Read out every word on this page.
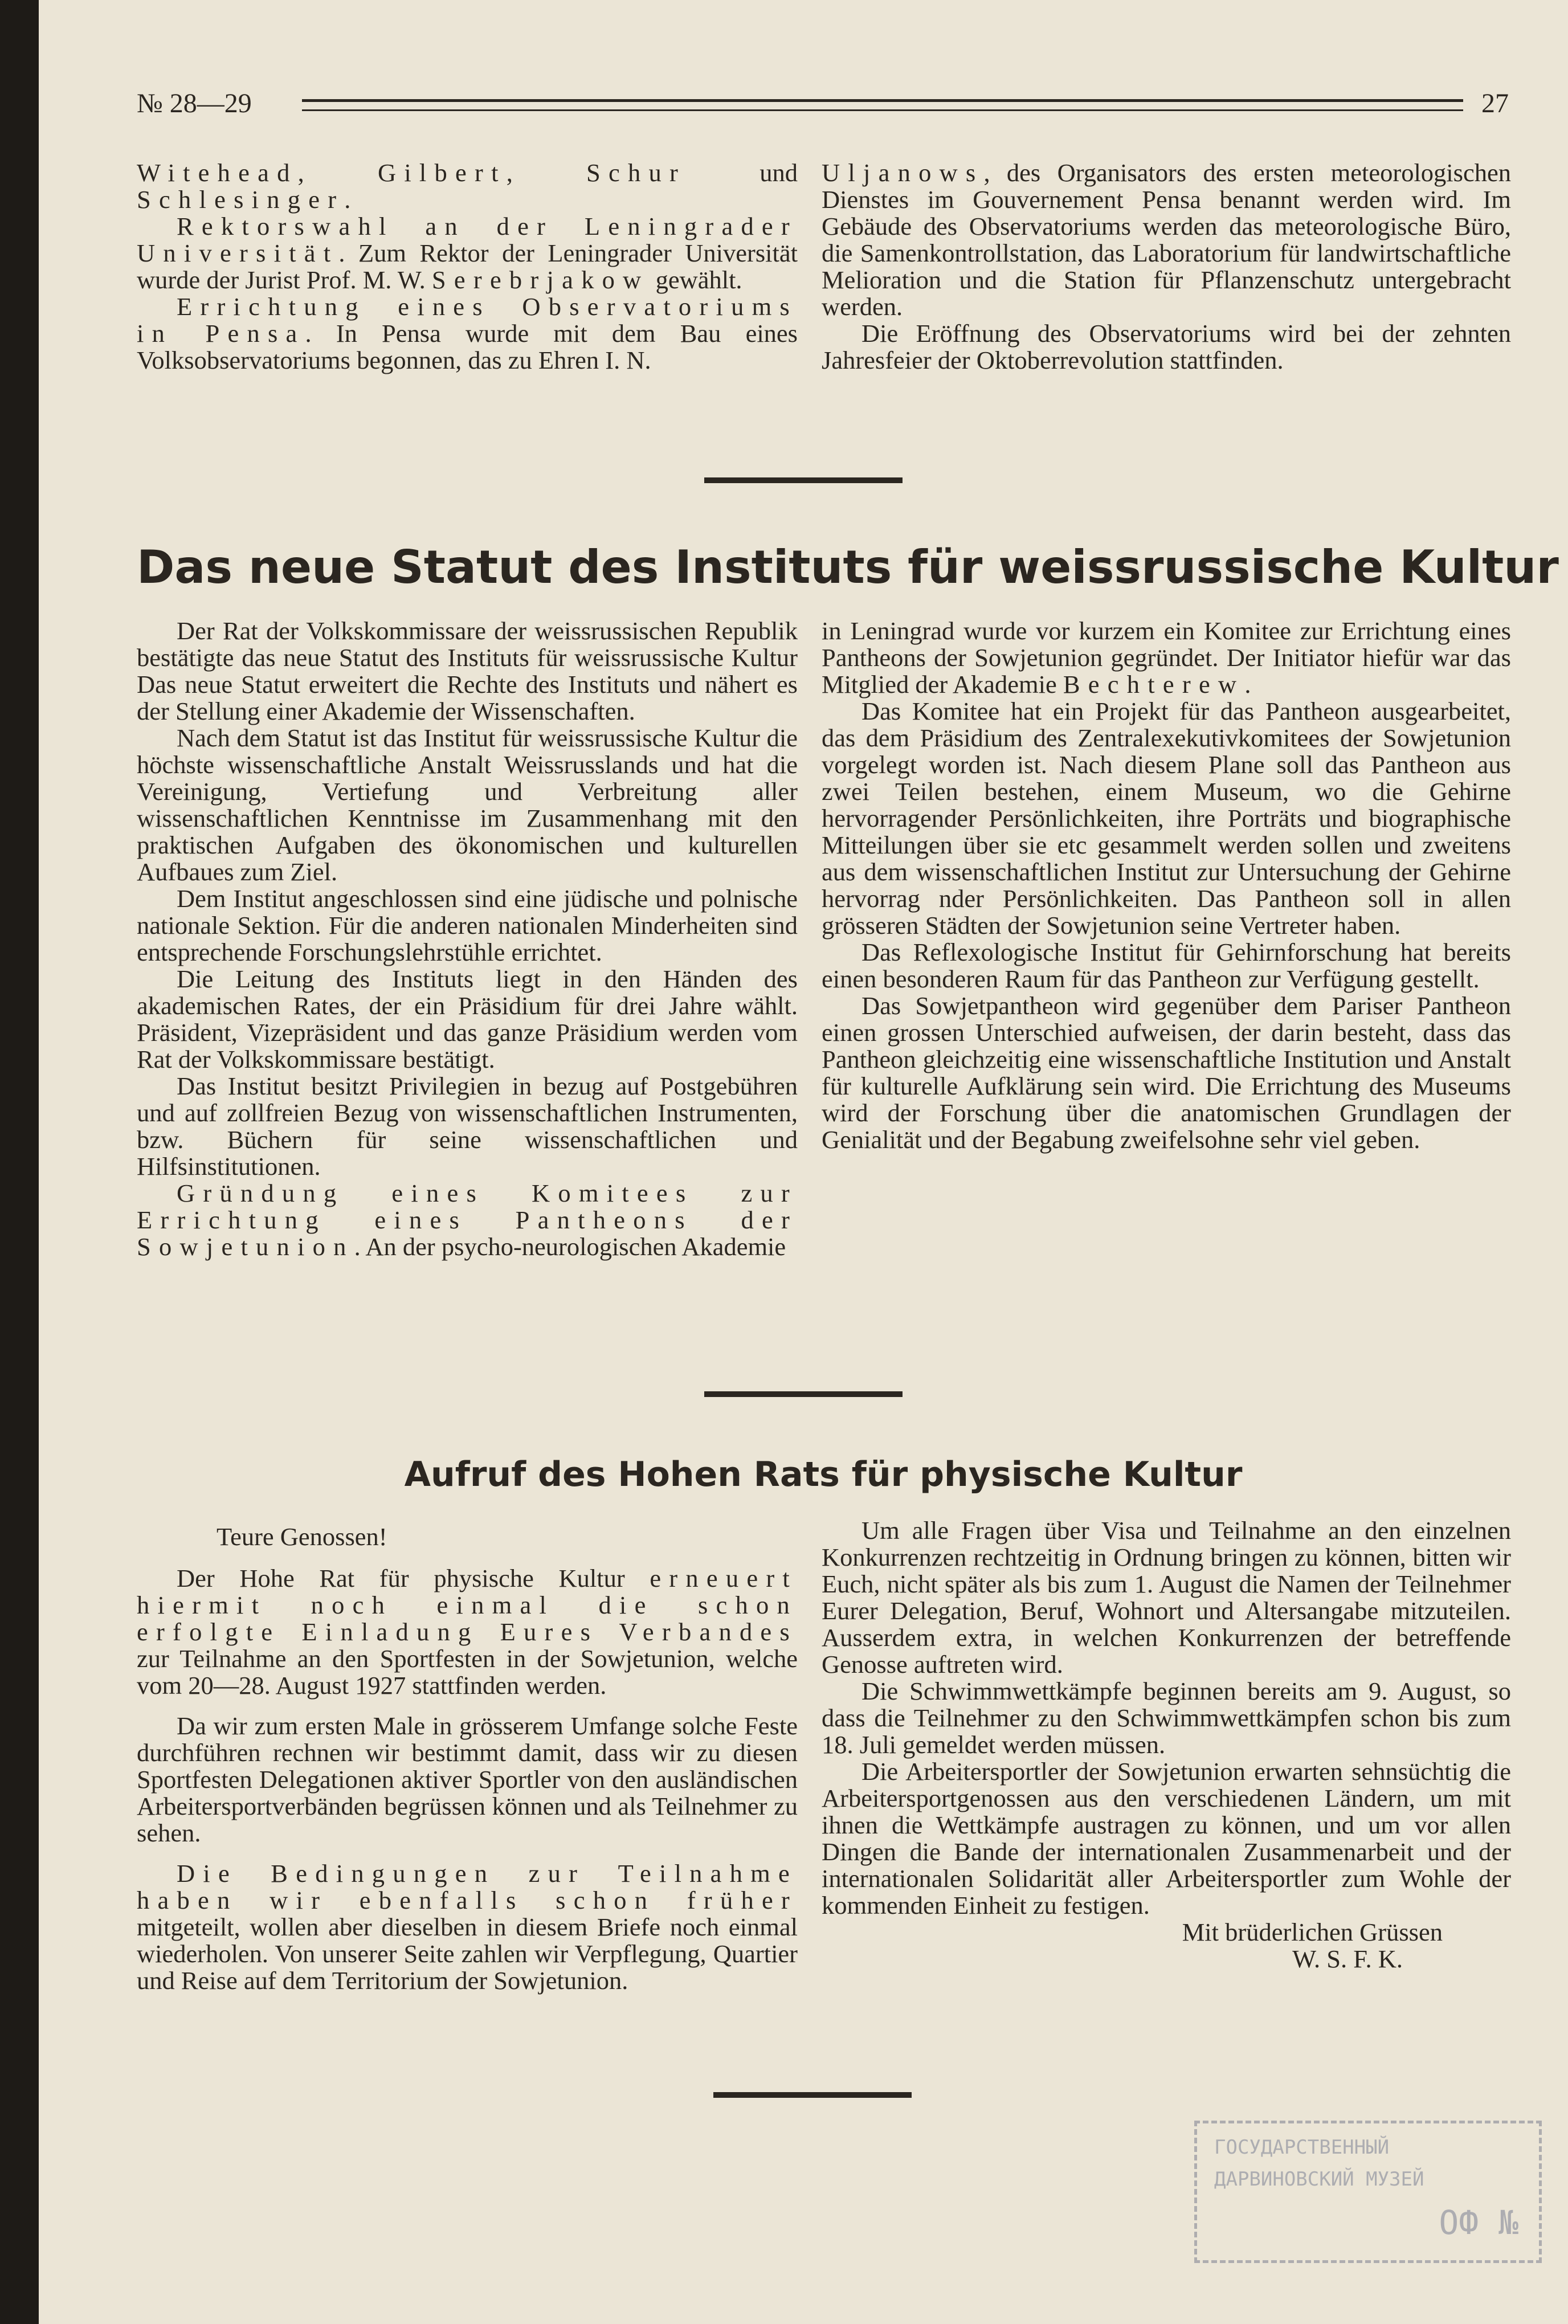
№ 28—29	27

Witehead, Gilbert, Schur und Schlesinger.

Rektorswahl an der Leningrader Universität. Zum Rektor der Leningrader Universität wurde der Jurist Prof. M. W. Serebrjakow gewählt.

Errichtung eines Observatoriums in Pensa. In Pensa wurde mit dem Bau eines Volksobservatoriums begonnen, das zu Ehren I. N.

Uljanows, des Organisators des ersten meteorologischen Dienstes im Gouvernement Pensa benannt werden wird. Im Gebäude des Observatoriums werden das meteorologische Büro, die Samenkontrollstation, das Laboratorium für landwirtschaftliche Melioration und die Station für Pflanzenschutz untergebracht werden.

Die Eröffnung des Observatoriums wird bei der zehnten Jahresfeier der Oktoberrevolution stattfinden.

Das neue Statut des Instituts für weissrussische Kultur

Der Rat der Volkskommissare der weissrussischen Republik bestätigte das neue Statut des Instituts für weissrussische Kultur Das neue Statut erweitert die Rechte des Instituts und nähert es der Stellung einer Akademie der Wissenschaften.

Nach dem Statut ist das Institut für weissrussische Kultur die höchste wissenschaftliche Anstalt Weissrusslands und hat die Vereinigung, Vertiefung und Verbreitung aller wissenschaftlichen Kenntnisse im Zusammenhang mit den praktischen Aufgaben des ökonomischen und kulturellen Aufbaues zum Ziel.

Dem Institut angeschlossen sind eine jüdische und polnische nationale Sektion. Für die anderen nationalen Minderheiten sind entsprechende Forschungslehrstühle errichtet.

Die Leitung des Instituts liegt in den Händen des akademischen Rates, der ein Präsidium für drei Jahre wählt. Präsident, Vizepräsident und das ganze Präsidium werden vom Rat der Volkskommissare bestätigt.

Das Institut besitzt Privilegien in bezug auf Postgebühren und auf zollfreien Bezug von wissenschaftlichen Instrumenten, bzw. Büchern für seine wissenschaftlichen und Hilfsinstitutionen.

Gründung eines Komitees zur Errichtung eines Pantheons der Sowjetunion. An der psycho-neurologischen Akademie

in Leningrad wurde vor kurzem ein Komitee zur Errichtung eines Pantheons der Sowjetunion gegründet. Der Initiator hiefür war das Mitglied der Akademie Bechterew.

Das Komitee hat ein Projekt für das Pantheon ausgearbeitet, das dem Präsidium des Zentralexekutivkomitees der Sowjetunion vorgelegt worden ist. Nach diesem Plane soll das Pantheon aus zwei Teilen bestehen, einem Museum, wo die Gehirne hervorragender Persönlichkeiten, ihre Porträts und biographische Mitteilungen über sie etc gesammelt werden sollen und zweitens aus dem wissenschaftlichen Institut zur Untersuchung der Gehirne hervorrag nder Persönlichkeiten. Das Pantheon soll in allen grösseren Städten der Sowjetunion seine Vertreter haben.

Das Reflexologische Institut für Gehirnforschung hat bereits einen besonderen Raum für das Pantheon zur Verfügung gestellt.

Das Sowjetpantheon wird gegenüber dem Pariser Pantheon einen grossen Unterschied aufweisen, der darin besteht, dass das Pantheon gleichzeitig eine wissenschaftliche Institution und Anstalt für kulturelle Aufklärung sein wird. Die Errichtung des Museums wird der Forschung über die anatomischen Grundlagen der Genialität und der Begabung zweifelsohne sehr viel geben.

Aufruf des Hohen Rats für physische Kultur

Teure Genossen!

Der Hohe Rat für physische Kultur erneuert hiermit noch einmal die schon erfolgte Einladung Eures Verbandes zur Teilnahme an den Sportfesten in der Sowjetunion, welche vom 20—28. August 1927 stattfinden werden.

Da wir zum ersten Male in grösserem Umfange solche Feste durchführen rechnen wir bestimmt damit, dass wir zu diesen Sportfesten Delegationen aktiver Sportler von den ausländischen Arbeitersportverbänden begrüssen können und als Teilnehmer zu sehen.

Die Bedingungen zur Teilnahme haben wir ebenfalls schon früher mitgeteilt, wollen aber dieselben in diesem Briefe noch einmal wiederholen. Von unserer Seite zahlen wir Verpflegung, Quartier und Reise auf dem Territorium der Sowjetunion.

Um alle Fragen über Visa und Teilnahme an den einzelnen Konkurrenzen rechtzeitig in Ordnung bringen zu können, bitten wir Euch, nicht später als bis zum 1. August die Namen der Teilnehmer Eurer Delegation, Beruf, Wohnort und Altersangabe mitzuteilen. Ausserdem extra, in welchen Konkurrenzen der betreffende Genosse auftreten wird.

Die Schwimmwettkämpfe beginnen bereits am 9. August, so dass die Teilnehmer zu den Schwimmwettkämpfen schon bis zum 18. Juli gemeldet werden müssen.

Die Arbeitersportler der Sowjetunion erwarten sehnsüchtig die Arbeitersportgenossen aus den verschiedenen Ländern, um mit ihnen die Wettkämpfe austragen zu können, und um vor allen Dingen die Bande der internationalen Zusammenarbeit und der internationalen Solidarität aller Arbeitersportler zum Wohle der kommenden Einheit zu festigen.

Mit brüderlichen Grüssen

W. S. F. K.

ГОСУДАРСТВЕННЫЙ
ДАРВИНОВСКИЙ МУЗЕЙ
ОФ №
